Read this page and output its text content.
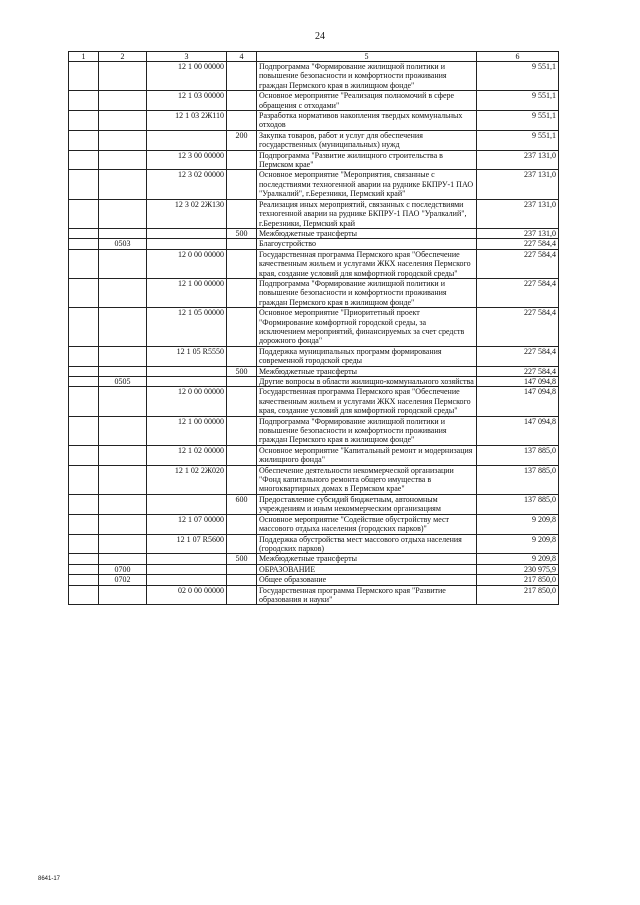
24
1	2	3	4	5	6
		12 1 00 00000		Подпрограмма "Формирование жилищной политики и повышение безопасности и комфортности проживания граждан Пермского края в жилищном фонде"	9 551,1
		12 1 03 00000		Основное мероприятие "Реализация полномочий в сфере обращения с отходами"	9 551,1
		12 1 03 2Ж110		Разработка нормативов накопления твердых коммунальных отходов	9 551,1
			200	Закупка товаров, работ и услуг для обеспечения государственных (муниципальных) нужд	9 551,1
		12 3 00 00000		Подпрограмма "Развитие жилищного строительства в Пермском крае"	237 131,0
		12 3 02 00000		Основное мероприятие "Мероприятия, связанные с последствиями техногенной аварии на руднике БКПРУ-1 ПАО "Уралкалий", г.Березники, Пермский край"	237 131,0
		12 3 02 2Ж130		Реализация иных мероприятий, связанных с последствиями техногенной аварии на руднике БКПРУ-1 ПАО "Уралкалий", г.Березники, Пермский край	237 131,0
			500	Межбюджетные трансферты	237 131,0
	0503			Благоустройство	227 584,4
		12 0 00 00000		Государственная программа Пермского края "Обеспечение качественным жильем и услугами ЖКХ населения Пермского края, создание условий для комфортной городской среды"	227 584,4
		12 1 00 00000		Подпрограмма "Формирование жилищной политики и повышение безопасности и комфортности проживания граждан Пермского края в жилищном фонде"	227 584,4
		12 1 05 00000		Основное мероприятие "Приоритетный проект "Формирование комфортной городской среды, за исключением мероприятий, финансируемых за счет средств дорожного фонда"	227 584,4
		12 1 05 R5550		Поддержка муниципальных программ формирования современной городской среды	227 584,4
			500	Межбюджетные трансферты	227 584,4
	0505			Другие вопросы в области жилищно-коммунального хозяйства	147 094,8
		12 0 00 00000		Государственная программа Пермского края "Обеспечение качественным жильем и услугами ЖКХ населения Пермского края, создание условий для комфортной городской среды"	147 094,8
		12 1 00 00000		Подпрограмма "Формирование жилищной политики и повышение безопасности и комфортности проживания граждан Пермского края в жилищном фонде"	147 094,8
		12 1 02 00000		Основное мероприятие "Капитальный ремонт и модернизация жилищного фонда"	137 885,0
		12 1 02 2Ж020		Обеспечение деятельности некоммерческой организации "Фонд капитального ремонта общего имущества в многоквартирных домах в Пермском крае"	137 885,0
			600	Предоставление субсидий бюджетным, автономным учреждениям и иным некоммерческим организациям	137 885,0
		12 1 07 00000		Основное мероприятие "Содействие обустройству мест массового отдыха населения (городских парков)"	9 209,8
		12 1 07 R5600		Поддержка обустройства мест массового отдыха населения (городских парков)	9 209,8
			500	Межбюджетные трансферты	9 209,8
	0700			ОБРАЗОВАНИЕ	230 975,9
	0702			Общее образование	217 850,0
		02 0 00 00000		Государственная программа Пермского края "Развитие образования и науки"	217 850,0
8641-17
